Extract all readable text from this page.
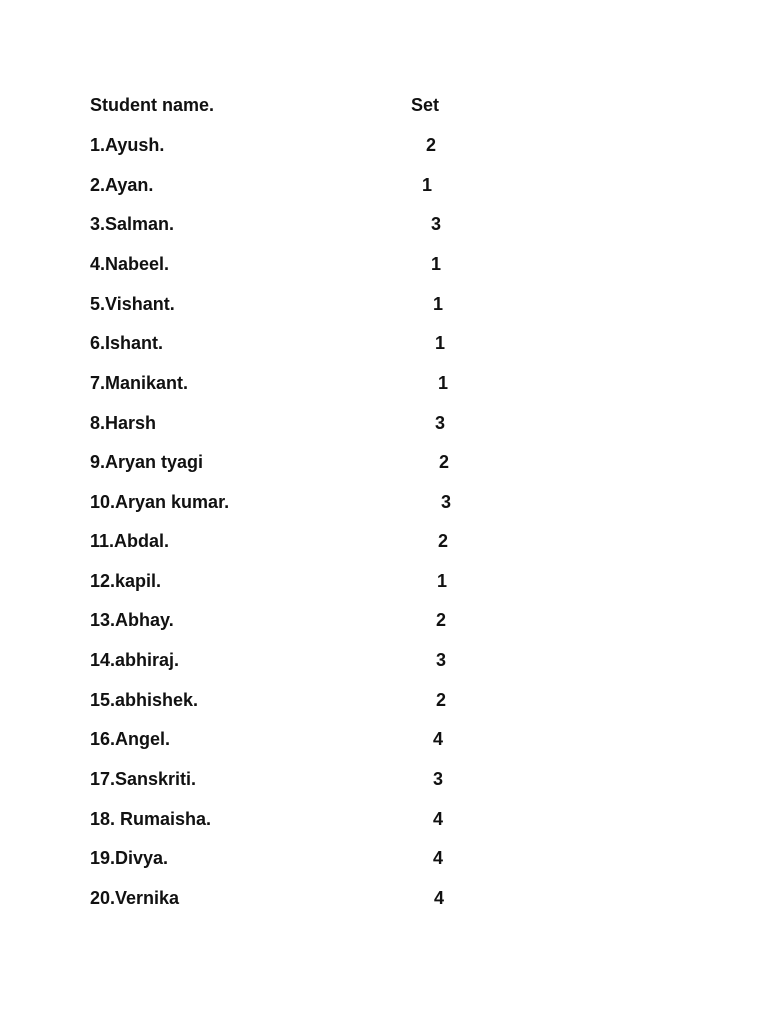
Student name.	Set
1.Ayush.	2
2.Ayan.	1
3.Salman.	3
4.Nabeel.	1
5.Vishant.	1
6.Ishant.	1
7.Manikant.	1
8.Harsh	3
9.Aryan tyagi	2
10.Aryan kumar.	3
11.Abdal.	2
12.kapil.	1
13.Abhay.	2
14.abhiraj.	3
15.abhishek.	2
16.Angel.	4
17.Sanskriti.	3
18. Rumaisha.	4
19.Divya.	4
20.Vernika	4
